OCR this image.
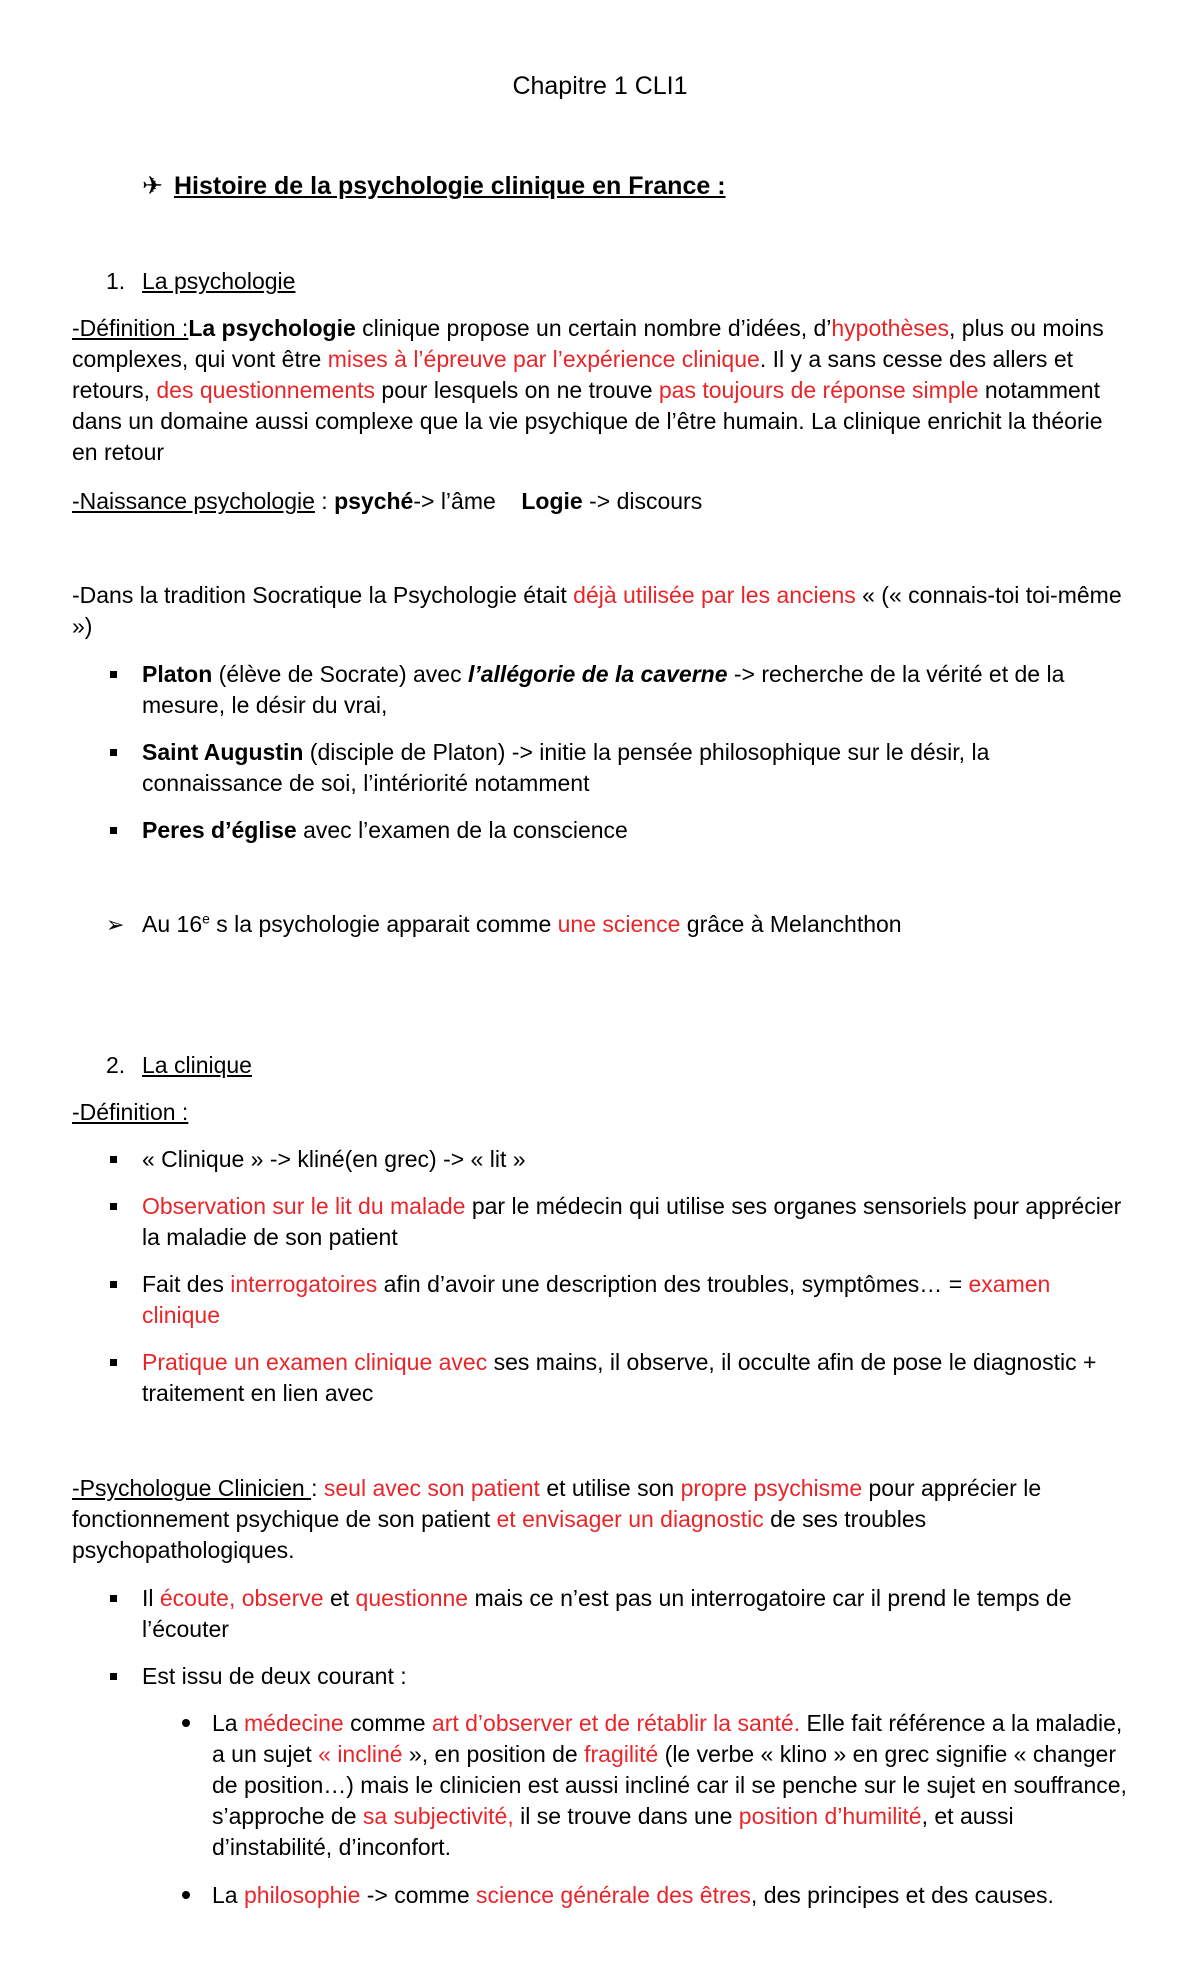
Chapitre 1 CLI1
✈ Histoire de la psychologie clinique en France :
1. La psychologie
-Définition :La psychologie clinique propose un certain nombre d’idées, d’hypothèses, plus ou moins complexes, qui vont être mises à l’épreuve par l’expérience clinique. Il y a sans cesse des allers et retours, des questionnements pour lesquels on ne trouve pas toujours de réponse simple notamment dans un domaine aussi complexe que la vie psychique de l’être humain. La clinique enrichit la théorie en retour
-Naissance psychologie : psyché-> l’âme    Logie -> discours
-Dans la tradition Socratique la Psychologie était déjà utilisée par les anciens « (« connais-toi toi-même »)
Platon (élève de Socrate) avec l’allégorie de la caverne -> recherche de la vérité et de la mesure, le désir du vrai,
Saint Augustin (disciple de Platon) -> initie la pensée philosophique sur le désir, la connaissance de soi, l’intériorité notamment
Peres d’église avec l’examen de la conscience
➢ Au 16e s la psychologie apparait comme une science grâce à Melanchthon
2. La clinique
-Définition :
« Clinique » -> kliné(en grec) -> « lit »
Observation sur le lit du malade par le médecin qui utilise ses organes sensoriels pour apprécier la maladie de son patient
Fait des interrogatoires afin d’avoir une description des troubles, symptômes… = examen clinique
Pratique un examen clinique avec ses mains, il observe, il occulte afin de pose le diagnostic + traitement en lien avec
-Psychologue Clinicien : seul avec son patient et utilise son propre psychisme pour apprécier le fonctionnement psychique de son patient et envisager un diagnostic de ses troubles psychopathologiques.
Il écoute, observe et questionne mais ce n’est pas un interrogatoire car il prend le temps de l’écouter
Est issu de deux courant :
La médecine comme art d’observer et de rétablir la santé. Elle fait référence a la maladie, a un sujet « incliné », en position de fragilité (le verbe « klino » en grec signifie « changer de position…) mais le clinicien est aussi incliné car il se penche sur le sujet en souffrance, s’approche de sa subjectivité, il se trouve dans une position d’humilité, et aussi d’instabilité, d’inconfort.
La philosophie -> comme science générale des êtres, des principes et des causes.
